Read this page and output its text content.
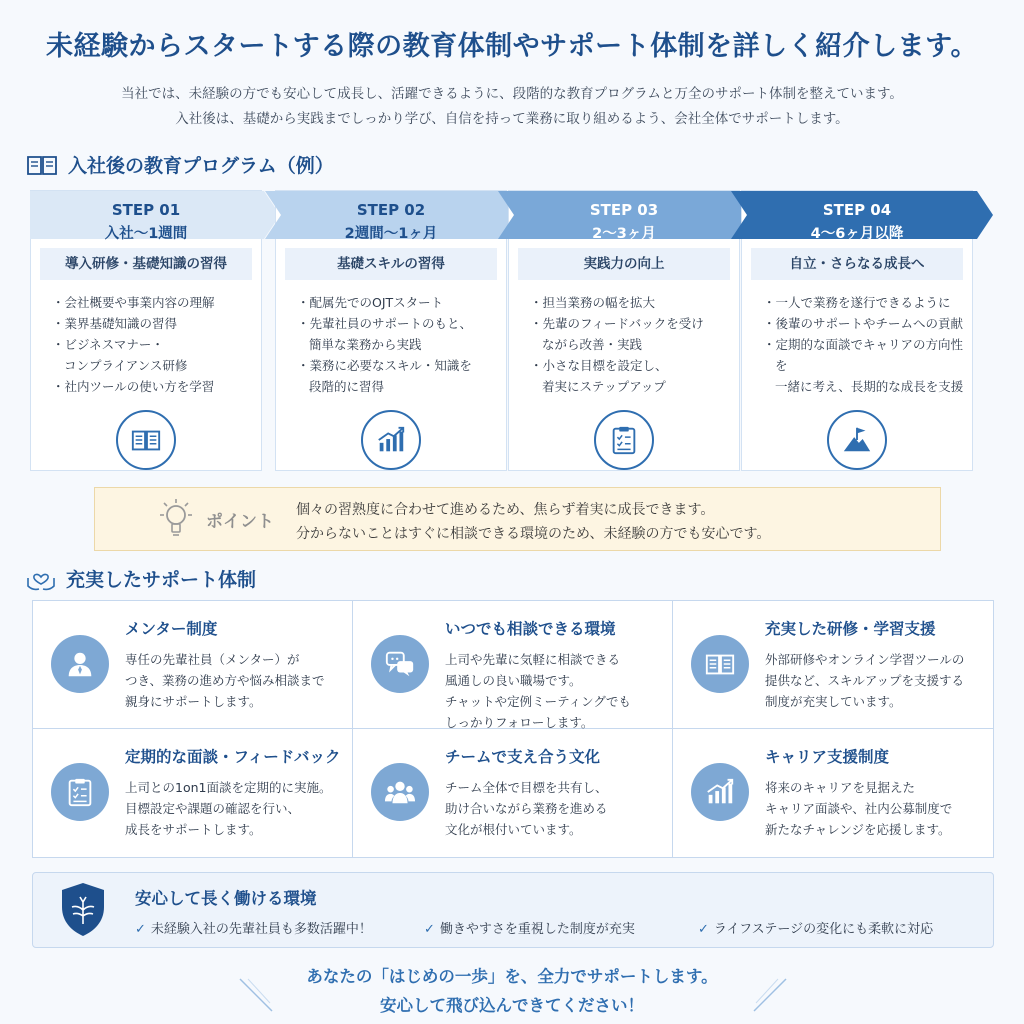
未経験からスタートする際の教育体制やサポート体制を詳しく紹介します。

当社では、未経験の方でも安心して成長し、活躍できるように、段階的な教育プログラムと万全のサポート体制を整えています。

入社後は、基礎から実践までしっかり学び、自信を持って業務に取り組めるよう、会社全体でサポートします。

入社後の教育プログラム（例）
STEP 01
入社〜1週間
導入研修・基礎知識の習得
・ 会社概要や事業内容の理解
・ 業界基礎知識の習得
・ ビジネスマナー・
コンプライアンス研修
・ 社内ツールの使い方を学習
STEP 02
2週間〜1ヶ月
基礎スキルの習得
・ 配属先でのOJTスタート
・ 先輩社員のサポートのもと、
簡単な業務から実践
・ 業務に必要なスキル・知識を
段階的に習得
STEP 03
2〜3ヶ月
実践力の向上
・ 担当業務の幅を拡大
・ 先輩のフィードバックを受け
ながら改善・実践
・ 小さな目標を設定し、
着実にステップアップ
STEP 04
4〜6ヶ月以降
自立・さらなる成長へ
・ 一人で業務を遂行できるように
・ 後輩のサポートやチームへの貢献
・ 定期的な面談でキャリアの方向性を
一緒に考え、長期的な成長を支援
ポイント

個々の習熟度に合わせて進めるため、焦らず着実に成長できます。

分からないことはすぐに相談できる環境のため、未経験の方でも安心です。

充実したサポート体制
メンター制度
専任の先輩社員（メンター）が
つき、業務の進め方や悩み相談まで
親身にサポートします。
いつでも相談できる環境
上司や先輩に気軽に相談できる
風通しの良い職場です。
チャットや定例ミーティングでも
しっかりフォローします。
充実した研修・学習支援
外部研修やオンライン学習ツールの
提供など、スキルアップを支援する
制度が充実しています。
定期的な面談・フィードバック
上司との1on1面談を定期的に実施。
目標設定や課題の確認を行い、
成長をサポートします。
チームで支え合う文化
チーム全体で目標を共有し、
助け合いながら業務を進める
文化が根付いています。
キャリア支援制度
将来のキャリアを見据えた
キャリア面談や、社内公募制度で
新たなチャレンジを応援します。
安心して長く働ける環境
✓ 未経験入社の先輩社員も多数活躍中！	✓ 働きやすさを重視した制度が充実	✓ ライフステージの変化にも柔軟に対応

あなたの「はじめの一歩」を、全力でサポートします。

安心して飛び込んできてください！
